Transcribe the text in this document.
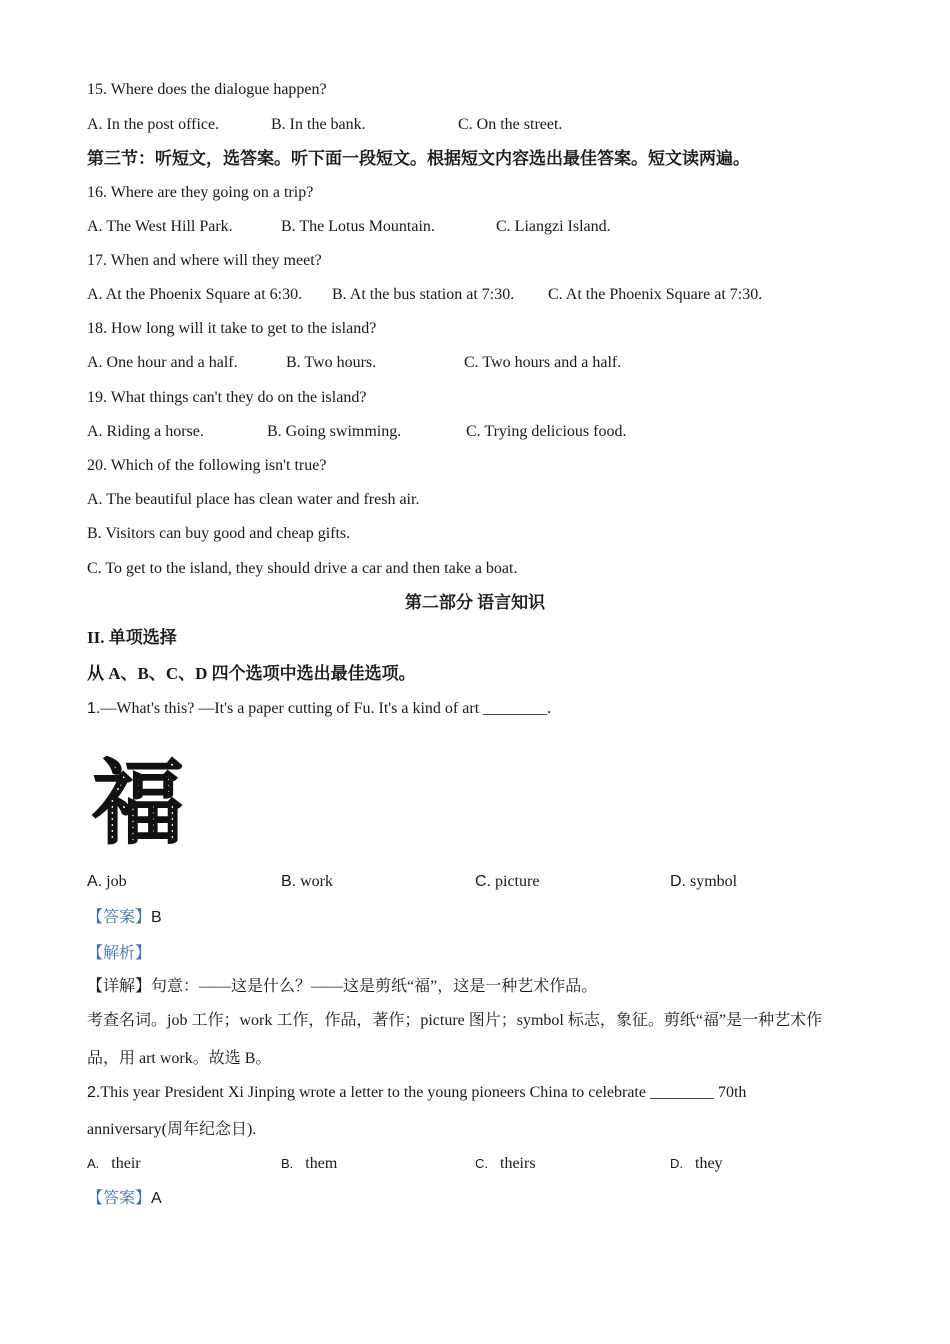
15. Where does the dialogue happen?
A. In the post office.	B. In the bank.	C. On the street.
第三节：听短文，选答案。听下面一段短文。根据短文内容选出最佳答案。短文读两遍。
16. Where are they going on a trip?
A. The West Hill Park.	B. The Lotus Mountain.	C. Liangzi Island.
17. When and where will they meet?
A. At the Phoenix Square at 6:30. B. At the bus station at 7:30. C. At the Phoenix Square at 7:30.
18. How long will it take to get to the island?
A. One hour and a half.	B. Two hours.	C. Two hours and a half.
19. What things can't they do on the island?
A. Riding a horse.	B. Going swimming.	C. Trying delicious food.
20. Which of the following isn't true?
A. The beautiful place has clean water and fresh air.
B. Visitors can buy good and cheap gifts.
C. To get to the island, they should drive a car and then take a boat.
第二部分 语言知识
II. 单项选择
从 A、B、C、D 四个选项中选出最佳选项。
1.—What's this? —It's a paper cutting of Fu. It's a kind of art ________.
福
A. job	B. work	C. picture	D. symbol
【答案】B
【解析】
【详解】句意：——这是什么？——这是剪纸“福”，这是一种艺术作品。
考查名词。job 工作；work 工作，作品，著作；picture 图片；symbol 标志，象征。剪纸“福”是一种艺术作
品，用 art work。故选 B。
2.This year President Xi Jinping wrote a letter to the young pioneers China to celebrate ________ 70th
anniversary(周年纪念日).
A. their	B. them	C. theirs	D. they
【答案】A
